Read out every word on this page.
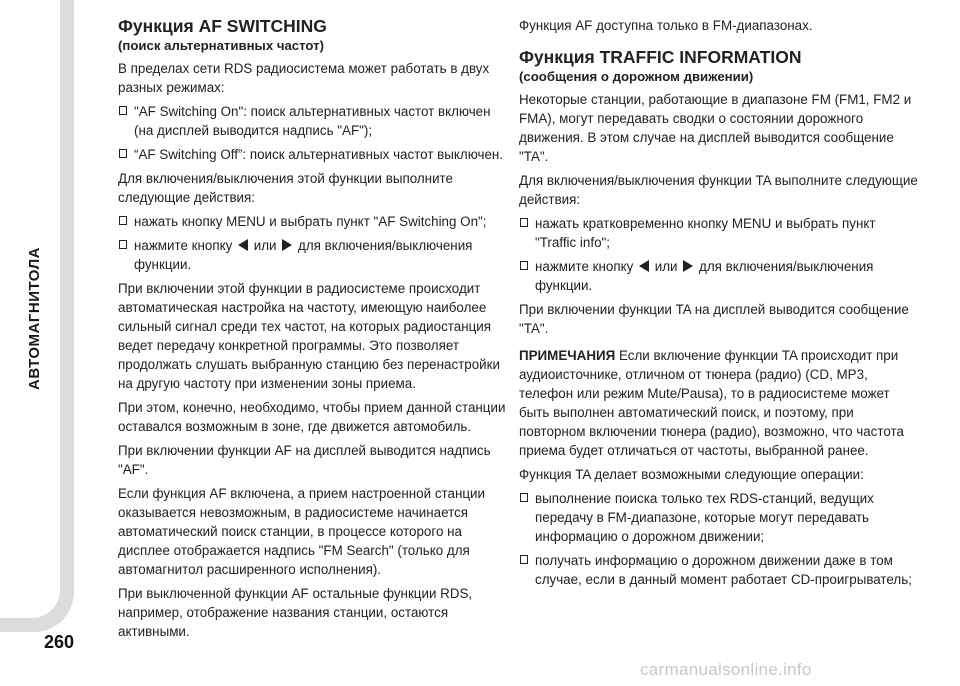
АВТОМАГНИТОЛА
260
Функция AF SWITCHING
(поиск альтернативных частот)

В пределах сети RDS радиосистема может работать в двух разных режимах:

"AF Switching On": поиск альтернативных частот включен (на дисплей выводится надпись "AF");
“AF Switching Off”: поиск альтернативных частот выключен.

Для включения/выключения этой функции выполните следующие действия:

нажать кнопку MENU и выбрать пункт "AF Switching On";
нажмите кнопку или для включения/выключения функции.

При включении этой функции в радиосистеме происходит автоматическая настройка на частоту, имеющую наиболее сильный сигнал среди тех частот, на которых радиостанция ведет передачу конкретной программы. Это позволяет продолжать слушать выбранную станцию без перенастройки на другую частоту при изменении зоны приема.

При этом, конечно, необходимо, чтобы прием данной станции оставался возможным в зоне, где движется автомобиль.

При включении функции AF на дисплей выводится надпись "AF".

Если функция AF включена, а прием настроенной станции оказывается невозможным, в радиосистеме начинается автоматический поиск станции, в процессе которого на дисплее отображается надпись "FM Search" (только для автомагнитол расширенного исполнения).

При выключенной функции AF остальные функции RDS, например, отображение названия станции, остаются активными.

Функция AF доступна только в FM-диапазонах.

Функция TRAFFIC INFORMATION
(сообщения о дорожном движении)

Некоторые станции, работающие в диапазоне FM (FM1, FM2 и FMA), могут передавать сводки о состоянии дорожного движения. В этом случае на дисплей выводится сообщение "TA".

Для включения/выключения функции TA выполните следующие действия:

нажать кратковременно кнопку MENU и выбрать пункт "Traffic info";
нажмите кнопку или для включения/выключения функции.

При включении функции TA на дисплей выводится сообщение "TA".

ПРИМЕЧАНИЯ Если включение функции TA происходит при аудиоисточнике, отличном от тюнера (радио) (CD, MP3, телефон или режим Mute/Pausa), то в радиосистеме может быть выполнен автоматический поиск, и поэтому, при повторном включении тюнера (радио), возможно, что частота приема будет отличаться от частоты, выбранной ранее.

Функция TA делает возможными следующие операции:

выполнение поиска только тех RDS-станций, ведущих передачу в FM-диапазоне, которые могут передавать информацию о дорожном движении;
получать информацию о дорожном движении даже в том случае, если в данный момент работает CD-проигрыватель;
carmanualsonline.info
